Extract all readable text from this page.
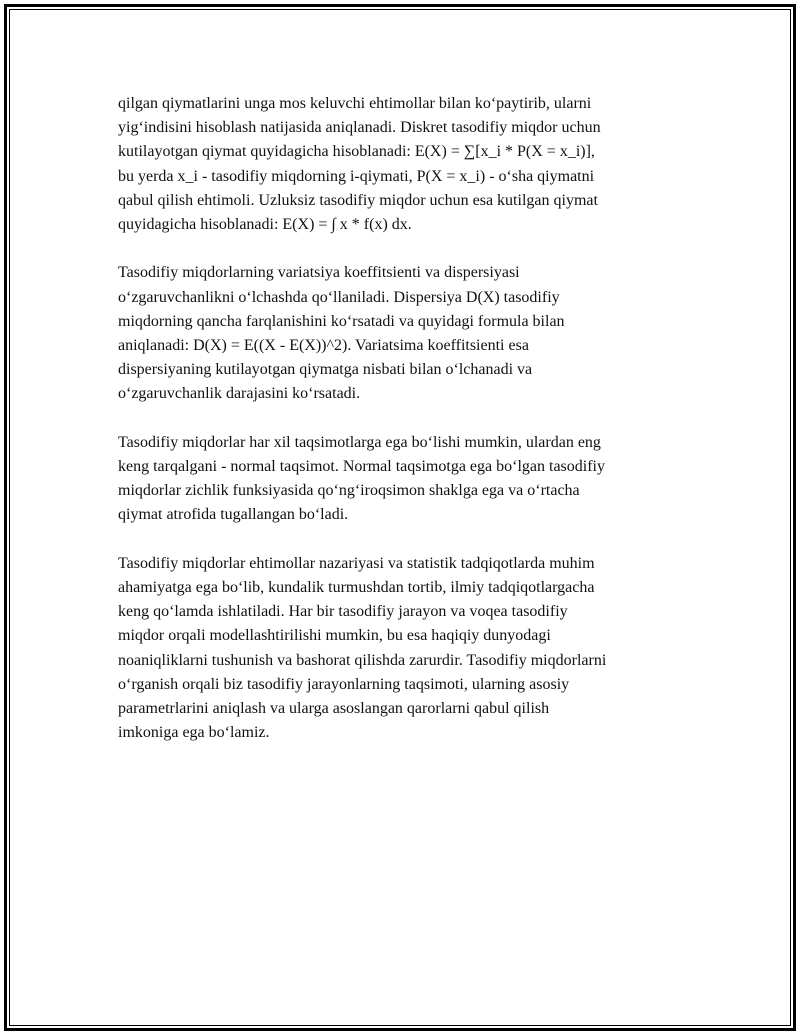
qilgan qiymatlarini unga mos keluvchi ehtimollar bilan ko‘paytirib, ularni
yig‘indisini hisoblash natijasida aniqlanadi. Diskret tasodifiy miqdor uchun
kutilayotgan qiymat quyidagicha hisoblanadi: E(X) = ∑[x_i * P(X = x_i)],
bu yerda x_i - tasodifiy miqdorning i-qiymati, P(X = x_i) - o‘sha qiymatni
qabul qilish ehtimoli. Uzluksiz tasodifiy miqdor uchun esa kutilgan qiymat
quyidagicha hisoblanadi: E(X) = ∫ x * f(x) dx.

Tasodifiy miqdorlarning variatsiya koeffitsienti va dispersiyasi
o‘zgaruvchanlikni o‘lchashda qo‘llaniladi. Dispersiya D(X) tasodifiy
miqdorning qancha farqlanishini ko‘rsatadi va quyidagi formula bilan
aniqlanadi: D(X) = E((X - E(X))^2). Variatsima koeffitsienti esa
dispersiyaning kutilayotgan qiymatga nisbati bilan o‘lchanadi va
o‘zgaruvchanlik darajasini ko‘rsatadi.

Tasodifiy miqdorlar har xil taqsimotlarga ega bo‘lishi mumkin, ulardan eng
keng tarqalgani - normal taqsimot. Normal taqsimotga ega bo‘lgan tasodifiy
miqdorlar zichlik funksiyasida qo‘ng‘iroqsimon shaklga ega va o‘rtacha
qiymat atrofida tugallangan bo‘ladi.

Tasodifiy miqdorlar ehtimollar nazariyasi va statistik tadqiqotlarda muhim
ahamiyatga ega bo‘lib, kundalik turmushdan tortib, ilmiy tadqiqotlargacha
keng qo‘lamda ishlatiladi. Har bir tasodifiy jarayon va voqea tasodifiy
miqdor orqali modellashtirilishi mumkin, bu esa haqiqiy dunyodagi
noaniqliklarni tushunish va bashorat qilishda zarurdir. Tasodifiy miqdorlarni
o‘rganish orqali biz tasodifiy jarayonlarning taqsimoti, ularning asosiy
parametrlarini aniqlash va ularga asoslangan qarorlarni qabul qilish
imkoniga ega bo‘lamiz.
